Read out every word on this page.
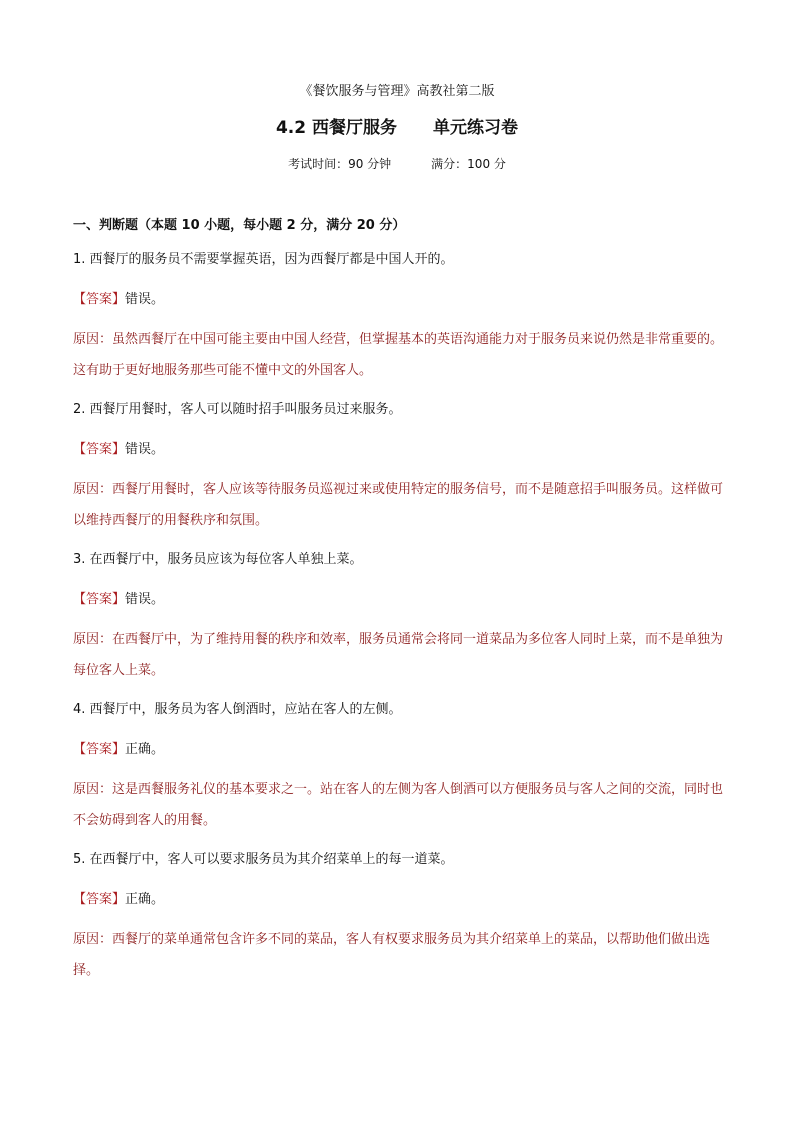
《餐饮服务与管理》高教社第二版
4.2 西餐厅服务 单元练习卷
考试时间：90 分钟	满分：100 分
一、判断题（本题 10 小题，每小题 2 分，满分 20 分）
1. 西餐厅的服务员不需要掌握英语，因为西餐厅都是中国人开的。
【答案】错误。
原因：虽然西餐厅在中国可能主要由中国人经营，但掌握基本的英语沟通能力对于服务员来说仍然是非常重要的。这有助于更好地服务那些可能不懂中文的外国客人。
2. 西餐厅用餐时，客人可以随时招手叫服务员过来服务。
【答案】错误。
原因：西餐厅用餐时，客人应该等待服务员巡视过来或使用特定的服务信号，而不是随意招手叫服务员。这样做可以维持西餐厅的用餐秩序和氛围。
3. 在西餐厅中，服务员应该为每位客人单独上菜。
【答案】错误。
原因：在西餐厅中，为了维持用餐的秩序和效率，服务员通常会将同一道菜品为多位客人同时上菜，而不是单独为每位客人上菜。
4. 西餐厅中，服务员为客人倒酒时，应站在客人的左侧。
【答案】正确。
原因：这是西餐服务礼仪的基本要求之一。站在客人的左侧为客人倒酒可以方便服务员与客人之间的交流，同时也不会妨碍到客人的用餐。
5. 在西餐厅中，客人可以要求服务员为其介绍菜单上的每一道菜。
【答案】正确。
原因：西餐厅的菜单通常包含许多不同的菜品，客人有权要求服务员为其介绍菜单上的菜品，以帮助他们做出选择。
